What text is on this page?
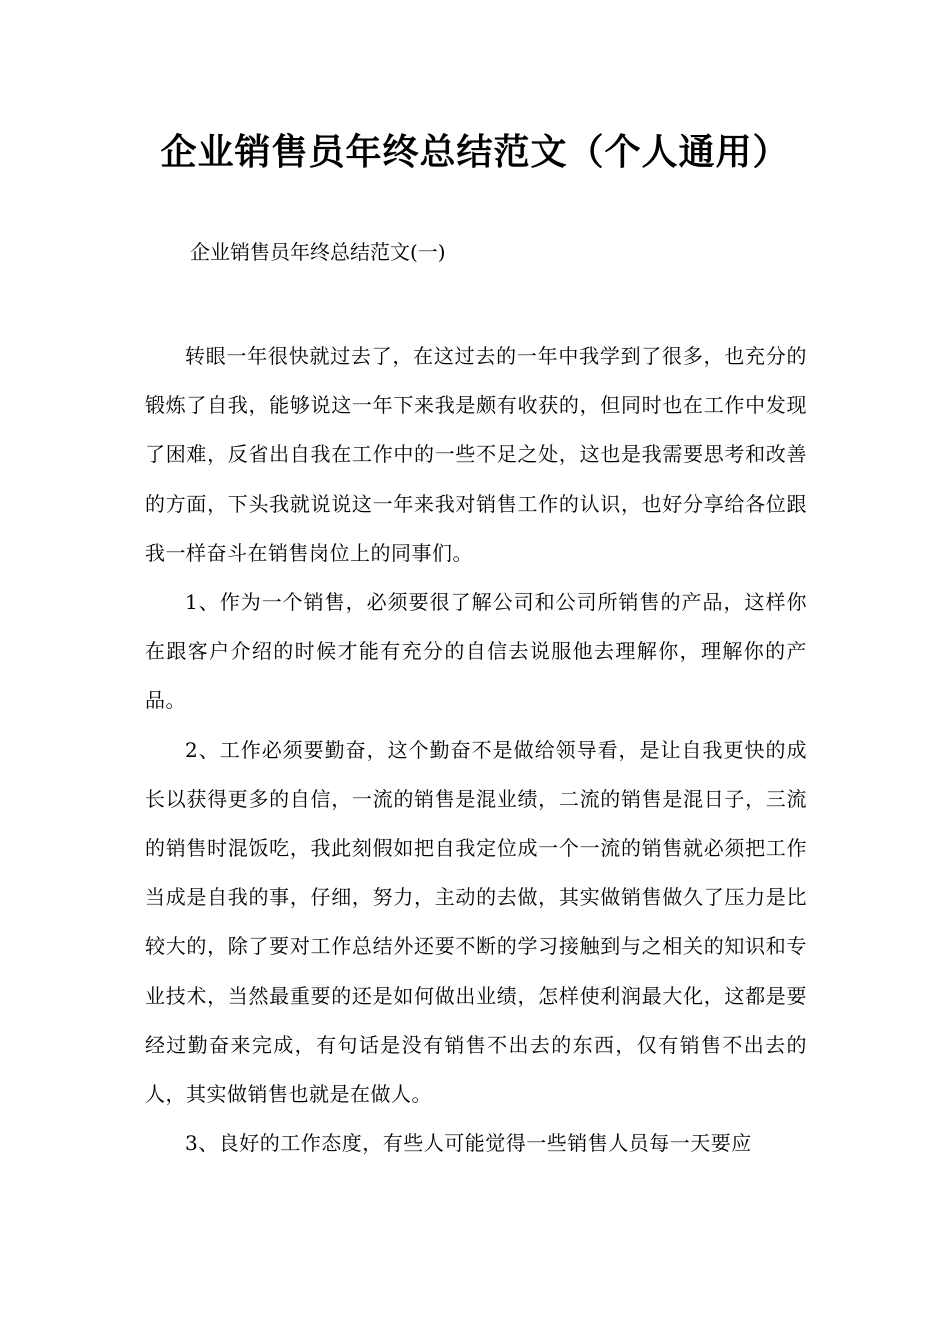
企业销售员年终总结范文（个人通用）

企业销售员年终总结范文(一)

转眼一年很快就过去了，在这过去的一年中我学到了很多，也充分的锻炼了自我，能够说这一年下来我是颇有收获的，但同时也在工作中发现了困难，反省出自我在工作中的一些不足之处，这也是我需要思考和改善的方面，下头我就说说这一年来我对销售工作的认识，也好分享给各位跟我一样奋斗在销售岗位上的同事们。

1、作为一个销售，必须要很了解公司和公司所销售的产品，这样你在跟客户介绍的时候才能有充分的自信去说服他去理解你，理解你的产品。

2、工作必须要勤奋，这个勤奋不是做给领导看，是让自我更快的成长以获得更多的自信，一流的销售是混业绩，二流的销售是混日子，三流的销售时混饭吃，我此刻假如把自我定位成一个一流的销售就必须把工作当成是自我的事，仔细，努力，主动的去做，其实做销售做久了压力是比较大的，除了要对工作总结外还要不断的学习接触到与之相关的知识和专业技术，当然最重要的还是如何做出业绩，怎样使利润最大化，这都是要经过勤奋来完成，有句话是没有销售不出去的东西，仅有销售不出去的人，其实做销售也就是在做人。

3、良好的工作态度，有些人可能觉得一些销售人员每一天要应
